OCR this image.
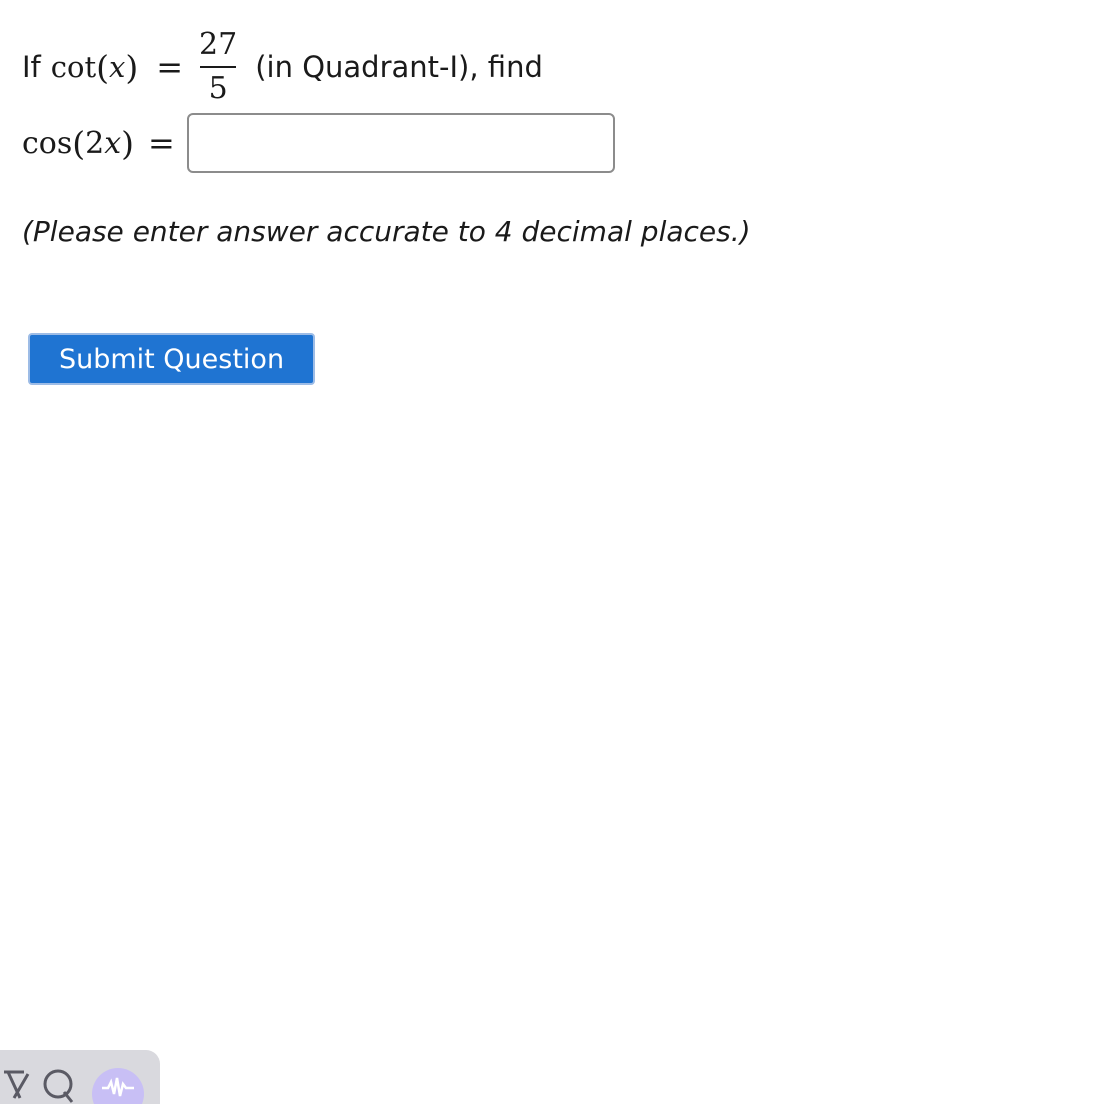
If cot ( x ) = $\frac{27}{5} (in$ Quadrant-I), find
cos ( 2 x ) =
(Please enter answer accurate to 4 decimal places.)
Submit Question
